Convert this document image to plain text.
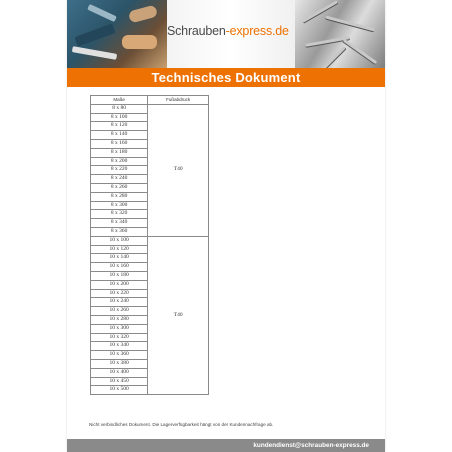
Schrauben-express.de
Technisches Dokument
Maße	Fußabdruck
8 x 80	T40
8 x 100	
8 x 120	
8 x 140	
8 x 160	
8 x 180	
8 x 200	
8 x 220	
8 x 240	
8 x 260	
8 x 280	
8 x 300	
8 x 320	
8 x 340	
8 x 360	
10 x 100	T40
10 x 120	
10 x 140	
10 x 160	
10 x 180	
10 x 200	
10 x 220	
10 x 240	
10 x 260	
10 x 280	
10 x 300	
10 x 320	
10 x 340	
10 x 360	
10 x 380	
10 x 400	
10 x 450	
10 x 500	
Nicht verbindliches Dokument. Die Lagerverfügbarkeit hängt von der Kundennachfrage ab.
kundendienst@schrauben-express.de
